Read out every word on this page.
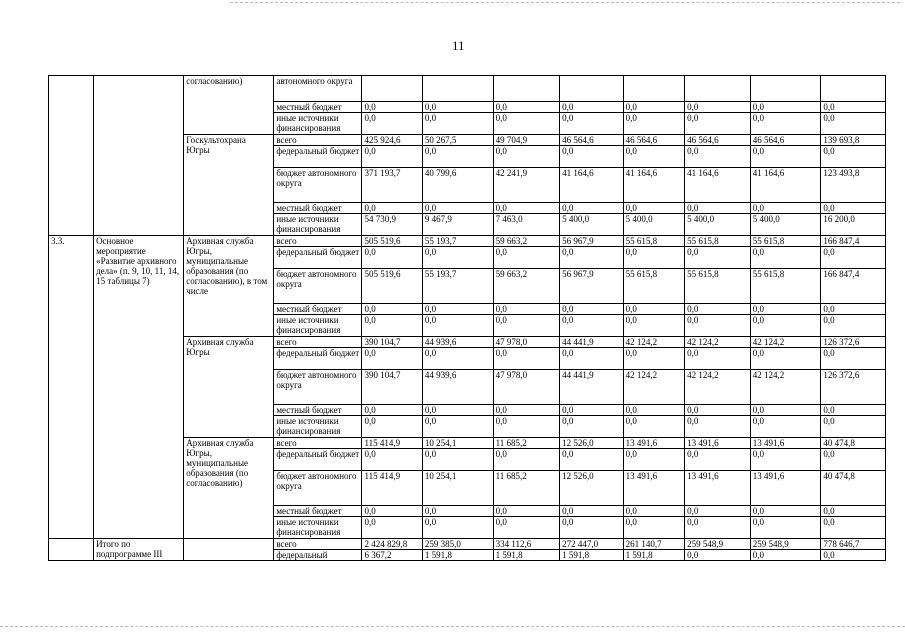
11
		согласованию)	автономного округа								
			местный бюджет	0,0	0,0	0,0	0,0	0,0	0,0	0,0	0,0
			иные источники финансирования	0,0	0,0	0,0	0,0	0,0	0,0	0,0	0,0
		Госкультохрана Югры	всего	425 924,6	50 267,5	49 704,9	46 564,6	46 564,6	46 564,6	46 564,6	139 693,8
			федеральный бюджет	0,0	0,0	0,0	0,0	0,0	0,0	0,0	0,0
			бюджет автономного округа	371 193,7	40 799,6	42 241,9	41 164,6	41 164,6	41 164,6	41 164,6	123 493,8
			местный бюджет	0,0	0,0	0,0	0,0	0,0	0,0	0,0	0,0
			иные источники финансирования	54 730,9	9 467,9	7 463,0	5 400,0	5 400,0	5 400,0	5 400,0	16 200,0
3.3.	Основное мероприятие «Развитие архивного дела» (п. 9, 10, 11, 14, 15 таблицы 7)	Архивная служба Югры, муниципальные образования (по согласованию), в том числе	всего	505 519,6	55 193,7	59 663,2	56 967,9	55 615,8	55 615,8	55 615,8	166 847,4
			федеральный бюджет	0,0	0,0	0,0	0,0	0,0	0,0	0,0	0,0
			бюджет автономного округа	505 519,6	55 193,7	59 663,2	56 967,9	55 615,8	55 615,8	55 615,8	166 847,4
			местный бюджет	0,0	0,0	0,0	0,0	0,0	0,0	0,0	0,0
			иные источники финансирования	0,0	0,0	0,0	0,0	0,0	0,0	0,0	0,0
		Архивная служба Югры	всего	390 104,7	44 939,6	47 978,0	44 441,9	42 124,2	42 124,2	42 124,2	126 372,6
			федеральный бюджет	0,0	0,0	0,0	0,0	0,0	0,0	0,0	0,0
			бюджет автономного округа	390 104,7	44 939,6	47 978,0	44 441,9	42 124,2	42 124,2	42 124,2	126 372,6
			местный бюджет	0,0	0,0	0,0	0,0	0,0	0,0	0,0	0,0
			иные источники финансирования	0,0	0,0	0,0	0,0	0,0	0,0	0,0	0,0
		Архивная служба Югры, муниципальные образования (по согласованию)	всего	115 414,9	10 254,1	11 685,2	12 526,0	13 491,6	13 491,6	13 491,6	40 474,8
			федеральный бюджет	0,0	0,0	0,0	0,0	0,0	0,0	0,0	0,0
			бюджет автономного округа	115 414,9	10 254,1	11 685,2	12 526,0	13 491,6	13 491,6	13 491,6	40 474,8
			местный бюджет	0,0	0,0	0,0	0,0	0,0	0,0	0,0	0,0
			иные источники финансирования	0,0	0,0	0,0	0,0	0,0	0,0	0,0	0,0
	Итого по подпрограмме III		всего	2 424 829,8	259 385,0	334 112,6	272 447,0	261 140,7	259 548,9	259 548,9	778 646,7
			федеральный	6 367,2	1 591,8	1 591,8	1 591,8	1 591,8	0,0	0,0	0,0
